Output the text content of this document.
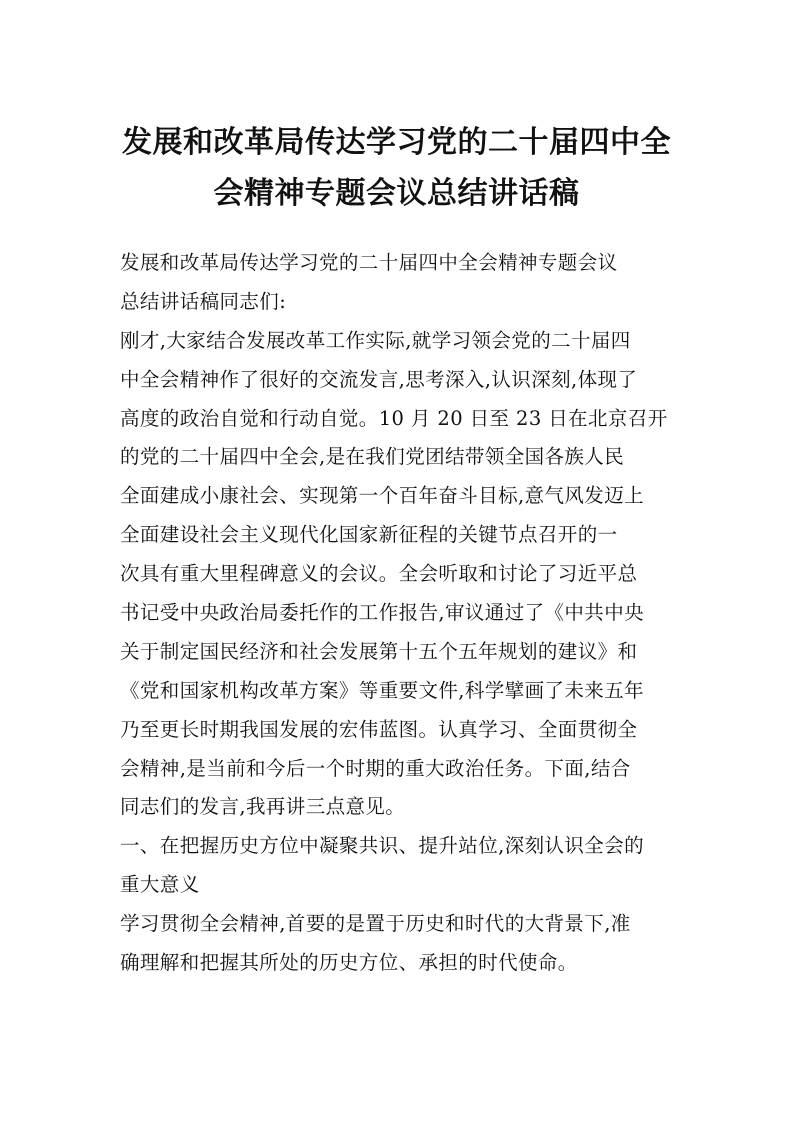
发展和改革局传达学习党的二十届四中全
会精神专题会议总结讲话稿

发展和改革局传达学习党的二十届四中全会精神专题会议

总结讲话稿同志们:

刚才,大家结合发展改革工作实际,就学习领会党的二十届四

中全会精神作了很好的交流发言,思考深入,认识深刻,体现了

高度的政治自觉和行动自觉。10 月 20 日至 23 日在北京召开

的党的二十届四中全会,是在我们党团结带领全国各族人民

全面建成小康社会、实现第一个百年奋斗目标,意气风发迈上

全面建设社会主义现代化国家新征程的关键节点召开的一

次具有重大里程碑意义的会议。全会听取和讨论了习近平总

书记受中央政治局委托作的工作报告,审议通过了《中共中央

关于制定国民经济和社会发展第十五个五年规划的建议》和

《党和国家机构改革方案》等重要文件,科学擘画了未来五年

乃至更长时期我国发展的宏伟蓝图。认真学习、全面贯彻全

会精神,是当前和今后一个时期的重大政治任务。下面,结合

同志们的发言,我再讲三点意见。

一、在把握历史方位中凝聚共识、提升站位,深刻认识全会的

重大意义

学习贯彻全会精神,首要的是置于历史和时代的大背景下,准

确理解和把握其所处的历史方位、承担的时代使命。
